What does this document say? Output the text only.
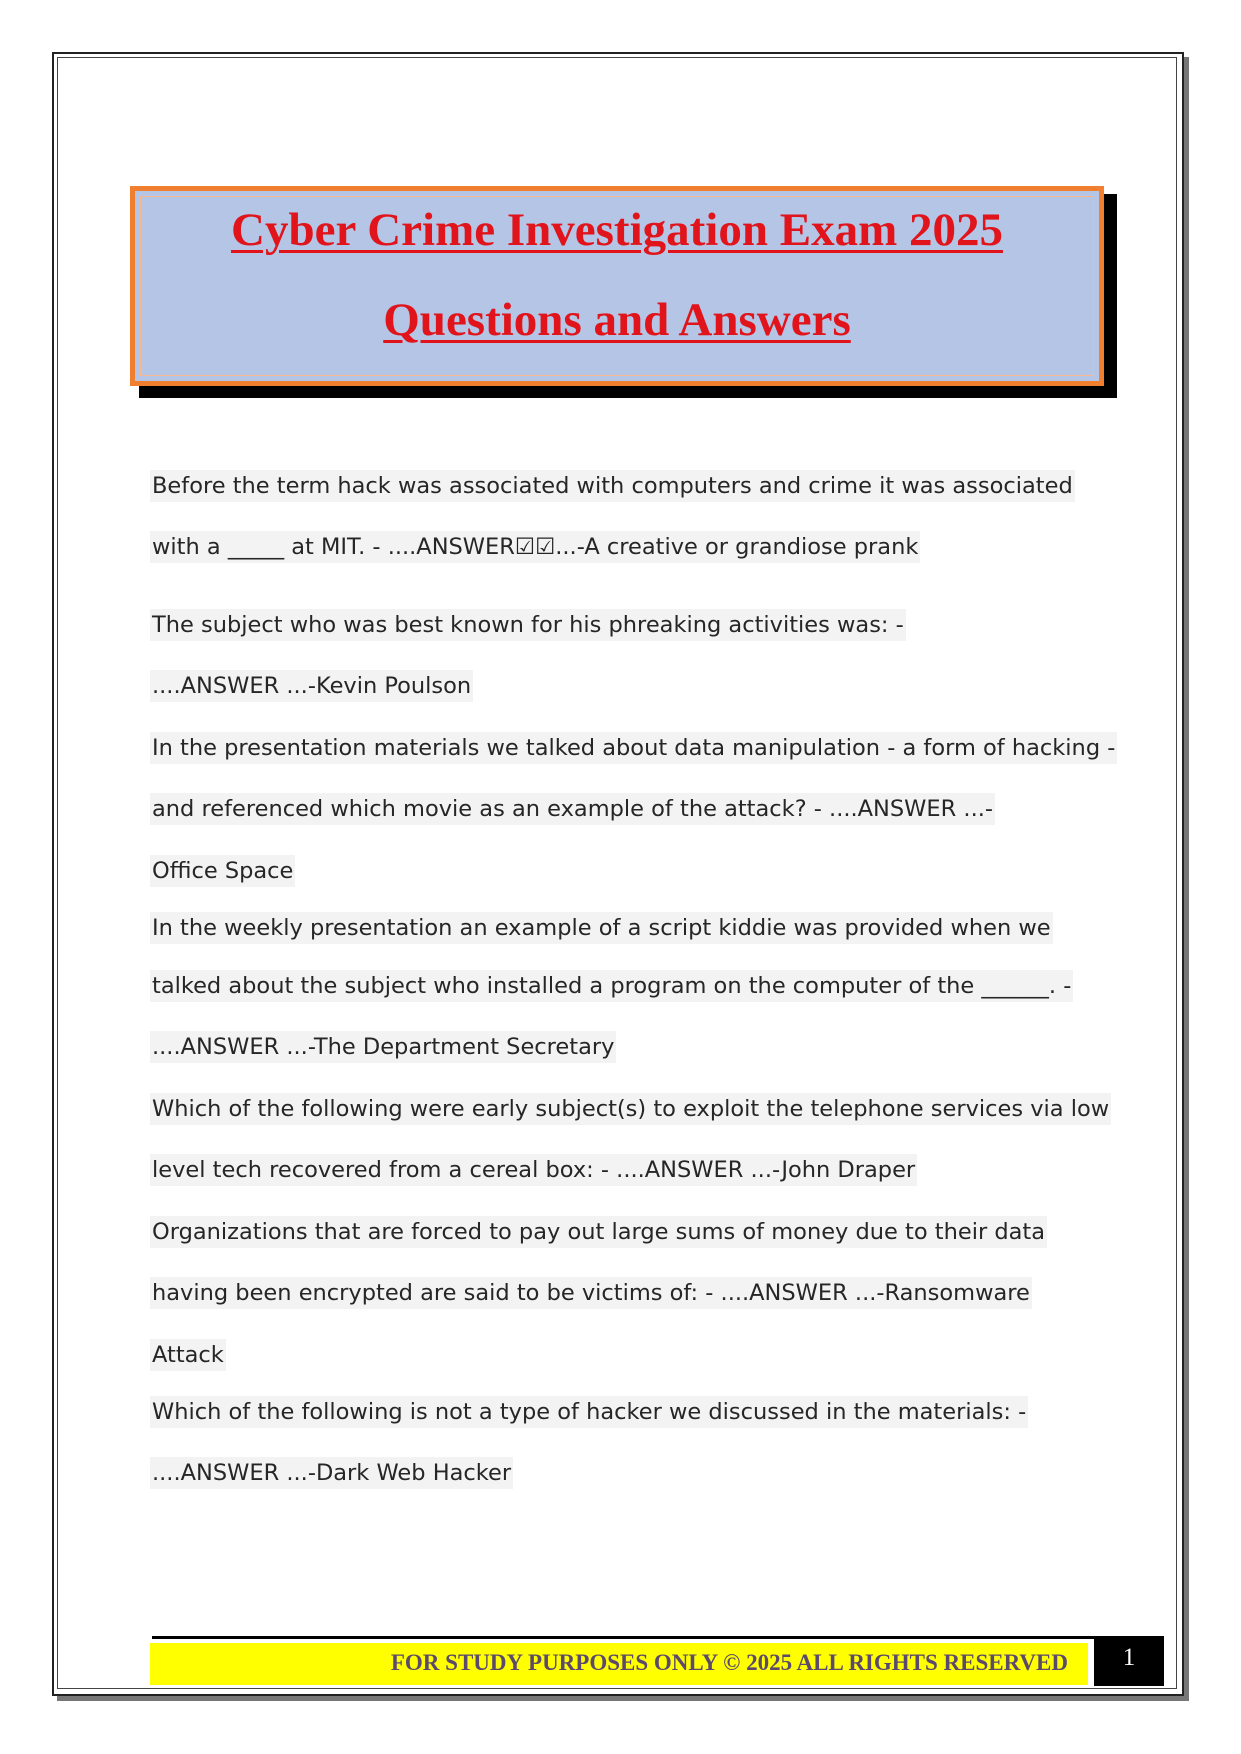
Cyber Crime Investigation Exam 2025
Questions and Answers
Before the term hack was associated with computers and crime it was associated
with a _____ at MIT. - ....ANSWER☑☑...-A creative or grandiose prank
The subject who was best known for his phreaking activities was: -
....ANSWER ...-Kevin Poulson
In the presentation materials we talked about data manipulation - a form of hacking -
and referenced which movie as an example of the attack? - ....ANSWER ...-
Office Space
In the weekly presentation an example of a script kiddie was provided when we
talked about the subject who installed a program on the computer of the ______. -
....ANSWER ...-The Department Secretary
Which of the following were early subject(s) to exploit the telephone services via low
level tech recovered from a cereal box: - ....ANSWER ...-John Draper
Organizations that are forced to pay out large sums of money due to their data
having been encrypted are said to be victims of: - ....ANSWER ...-Ransomware
Attack
Which of the following is not a type of hacker we discussed in the materials: -
....ANSWER ...-Dark Web Hacker
FOR STUDY PURPOSES ONLY © 2025 ALL RIGHTS RESERVED	1
